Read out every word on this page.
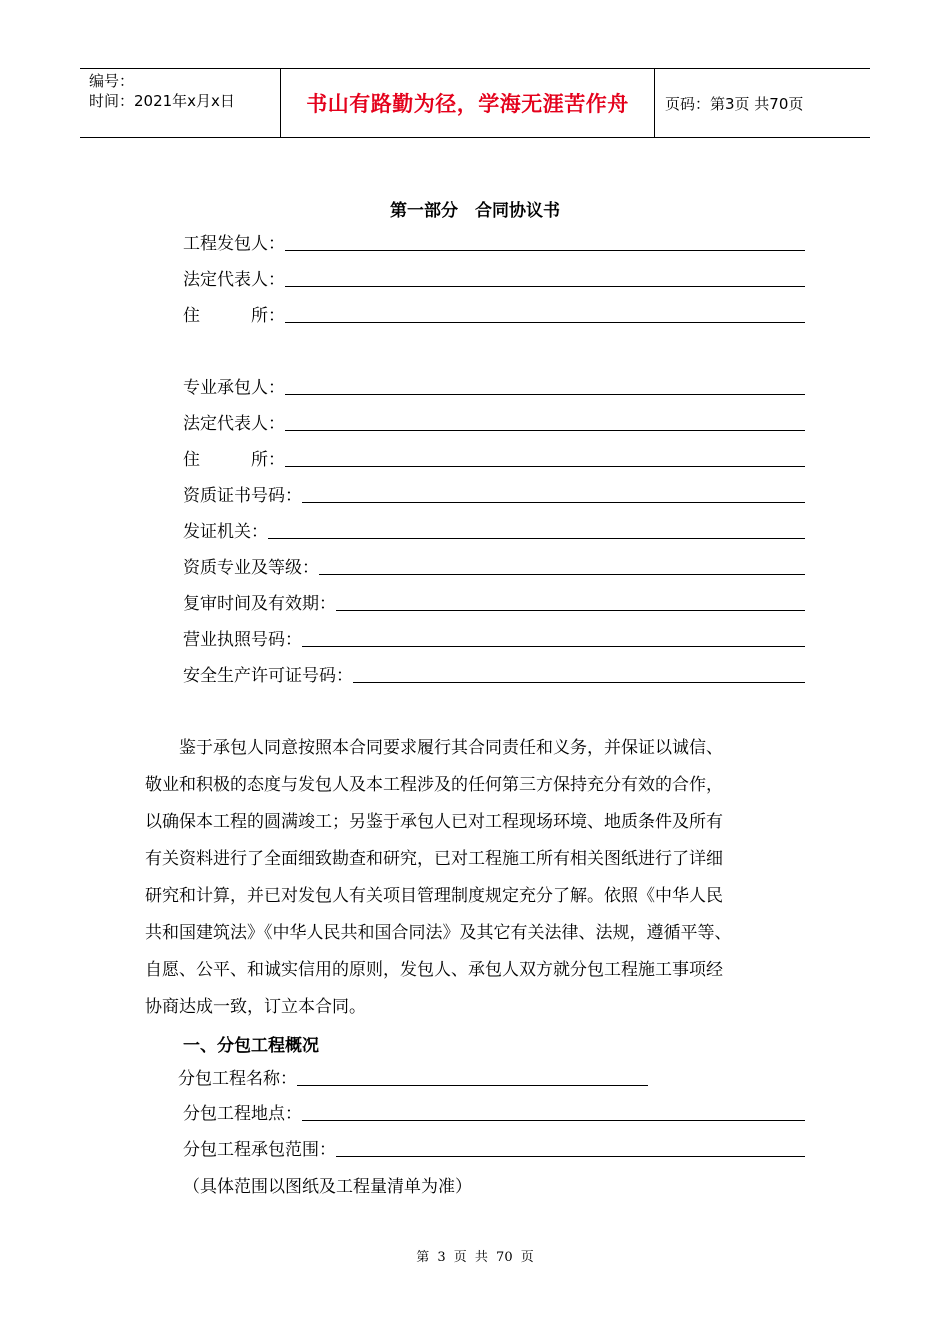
编号：
时间：2021年x月x日	书山有路勤为径，学海无涯苦作舟	页码：第3页 共70页
第一部分　合同协议书
工程发包人：
法定代表人：
住　　　所：
专业承包人：
法定代表人：
住　　　所：
资质证书号码：
发证机关：
资质专业及等级：
复审时间及有效期：
营业执照号码：
安全生产许可证号码：

　　鉴于承包人同意按照本合同要求履行其合同责任和义务，并保证以诚信、

敬业和积极的态度与发包人及本工程涉及的任何第三方保持充分有效的合作，

以确保本工程的圆满竣工；另鉴于承包人已对工程现场环境、地质条件及所有

有关资料进行了全面细致勘查和研究，已对工程施工所有相关图纸进行了详细

研究和计算，并已对发包人有关项目管理制度规定充分了解。依照《中华人民

共和国建筑法》《中华人民共和国合同法》及其它有关法律、法规，遵循平等、

自愿、公平、和诚实信用的原则，发包人、承包人双方就分包工程施工事项经

协商达成一致，订立本合同。

一、分包工程概况
分包工程名称：
分包工程地点：
分包工程承包范围：
（具体范围以图纸及工程量清单为准）
第 3 页 共 70 页
